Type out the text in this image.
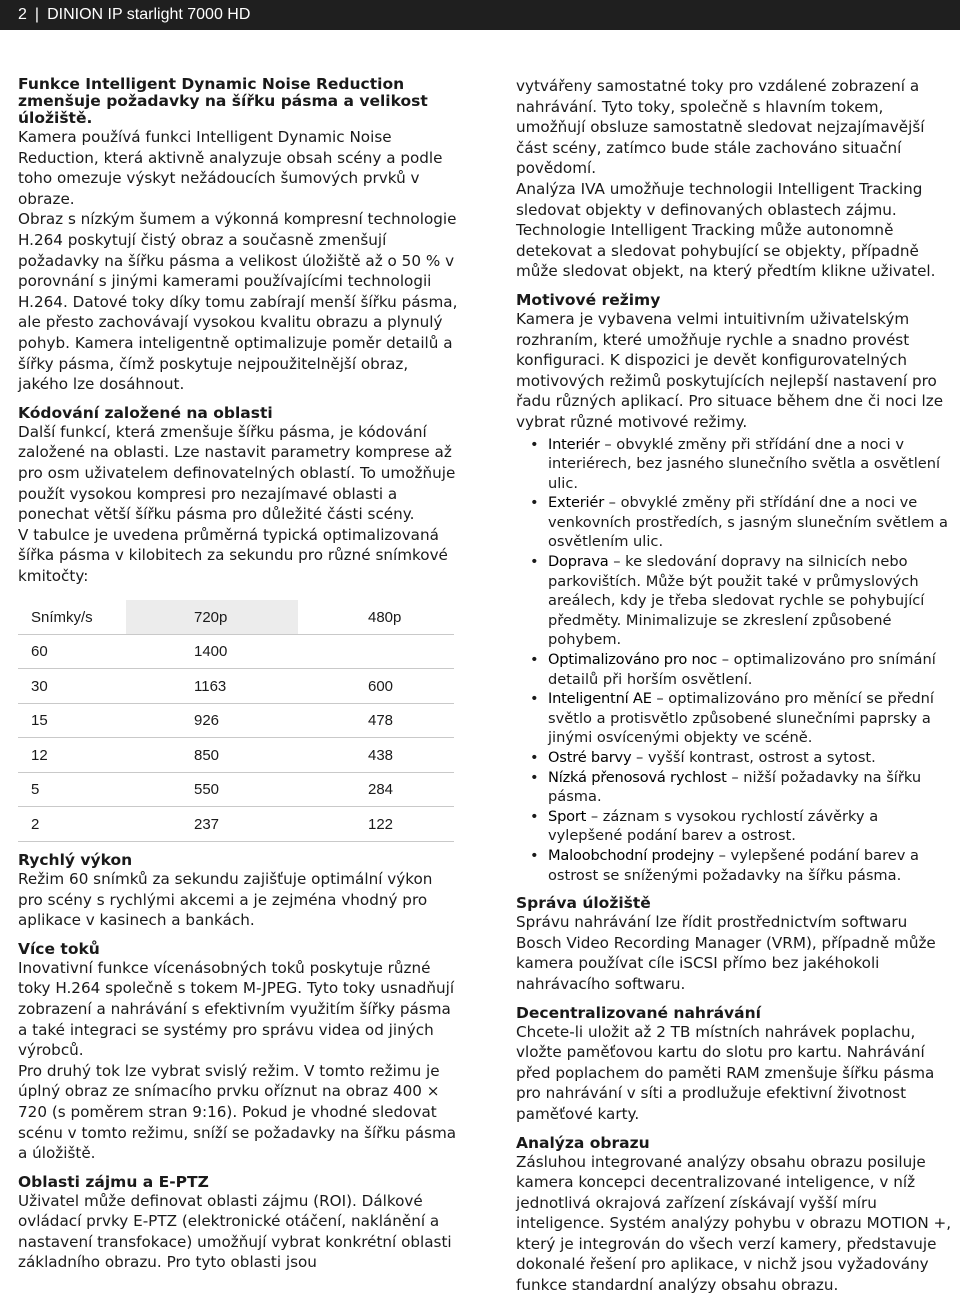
2 | DINION IP starlight 7000 HD
Funkce Intelligent Dynamic Noise Reduction zmenšuje požadavky na šířku pásma a velikost úložiště.

Kamera používá funkci Intelligent Dynamic Noise Reduction, která aktivně analyzuje obsah scény a podle toho omezuje výskyt nežádoucích šumových prvků v obraze.

Obraz s nízkým šumem a výkonná kompresní technologie H.264 poskytují čistý obraz a současně zmenšují požadavky na šířku pásma a velikost úložiště až o 50 % v porovnání s jinými kamerami používajícími technologii H.264. Datové toky díky tomu zabírají menší šířku pásma, ale přesto zachovávají vysokou kvalitu obrazu a plynulý pohyb. Kamera inteligentně optimalizuje poměr detailů a šířky pásma, čímž poskytuje nejpoužitelnější obraz, jakého lze dosáhnout.

Kódování založené na oblasti

Další funkcí, která zmenšuje šířku pásma, je kódování založené na oblasti. Lze nastavit parametry komprese až pro osm uživatelem definovatelných oblastí. To umožňuje použít vysokou kompresi pro nezajímavé oblasti a ponechat větší šířku pásma pro důležité části scény.

V tabulce je uvedena průměrná typická optimalizovaná šířka pásma v kilobitech za sekundu pro různé snímkové kmitočty:

Snímky/s	720p	480p
60	1400	
30	1163	600
15	926	478
12	850	438
5	550	284
2	237	122
Rychlý výkon

Režim 60 snímků za sekundu zajišťuje optimální výkon pro scény s rychlými akcemi a je zejména vhodný pro aplikace v kasinech a bankách.

Více toků

Inovativní funkce vícenásobných toků poskytuje různé toky H.264 společně s tokem M-JPEG. Tyto toky usnadňují zobrazení a nahrávání s efektivním využitím šířky pásma a také integraci se systémy pro správu videa od jiných výrobců.

Pro druhý tok lze vybrat svislý režim. V tomto režimu je úplný obraz ze snímacího prvku oříznut na obraz 400 × 720 (s poměrem stran 9:16). Pokud je vhodné sledovat scénu v tomto režimu, sníží se požadavky na šířku pásma a úložiště.

Oblasti zájmu a E-PTZ

Uživatel může definovat oblasti zájmu (ROI). Dálkové ovládací prvky E-PTZ (elektronické otáčení, naklánění a nastavení transfokace) umožňují vybrat konkrétní oblasti základního obrazu. Pro tyto oblasti jsou

vytvářeny samostatné toky pro vzdálené zobrazení a nahrávání. Tyto toky, společně s hlavním tokem, umožňují obsluze samostatně sledovat nejzajímavější část scény, zatímco bude stále zachováno situační povědomí.

Analýza IVA umožňuje technologii Intelligent Tracking sledovat objekty v definovaných oblastech zájmu. Technologie Intelligent Tracking může autonomně detekovat a sledovat pohybující se objekty, případně může sledovat objekt, na který předtím klikne uživatel.

Motivové režimy

Kamera je vybavena velmi intuitivním uživatelským rozhraním, které umožňuje rychle a snadno provést konfiguraci. K dispozici je devět konfigurovatelných motivových režimů poskytujících nejlepší nastavení pro řadu různých aplikací. Pro situace během dne či noci lze vybrat různé motivové režimy.

• Interiér – obvyklé změny při střídání dne a noci v interiérech, bez jasného slunečního světla a osvětlení ulic.
• Exteriér – obvyklé změny při střídání dne a noci ve venkovních prostředích, s jasným slunečním světlem a osvětlením ulic.
• Doprava – ke sledování dopravy na silnicích nebo parkovištích. Může být použit také v průmyslových areálech, kdy je třeba sledovat rychle se pohybující předměty. Minimalizuje se zkreslení způsobené pohybem.
• Optimalizováno pro noc – optimalizováno pro snímání detailů při horším osvětlení.
• Inteligentní AE – optimalizováno pro měnící se přední světlo a protisvětlo způsobené slunečními paprsky a jinými osvícenými objekty ve scéně.
• Ostré barvy – vyšší kontrast, ostrost a sytost.
• Nízká přenosová rychlost – nižší požadavky na šířku pásma.
• Sport – záznam s vysokou rychlostí závěrky a vylepšené podání barev a ostrost.
• Maloobchodní prodejny – vylepšené podání barev a ostrost se sníženými požadavky na šířku pásma.
Správa úložiště

Správu nahrávání lze řídit prostřednictvím softwaru Bosch Video Recording Manager (VRM), případně může kamera používat cíle iSCSI přímo bez jakéhokoli nahrávacího softwaru.

Decentralizované nahrávání

Chcete-li uložit až 2 TB místních nahrávek poplachu, vložte paměťovou kartu do slotu pro kartu. Nahrávání před poplachem do paměti RAM zmenšuje šířku pásma pro nahrávání v síti a prodlužuje efektivní životnost paměťové karty.

Analýza obrazu

Zásluhou integrované analýzy obsahu obrazu posiluje kamera koncepci decentralizované inteligence, v níž jednotlivá okrajová zařízení získávají vyšší míru inteligence. Systém analýzy pohybu v obrazu MOTION +, který je integrován do všech verzí kamery, představuje dokonalé řešení pro aplikace, v nichž jsou vyžadovány funkce standardní analýzy obsahu obrazu.
